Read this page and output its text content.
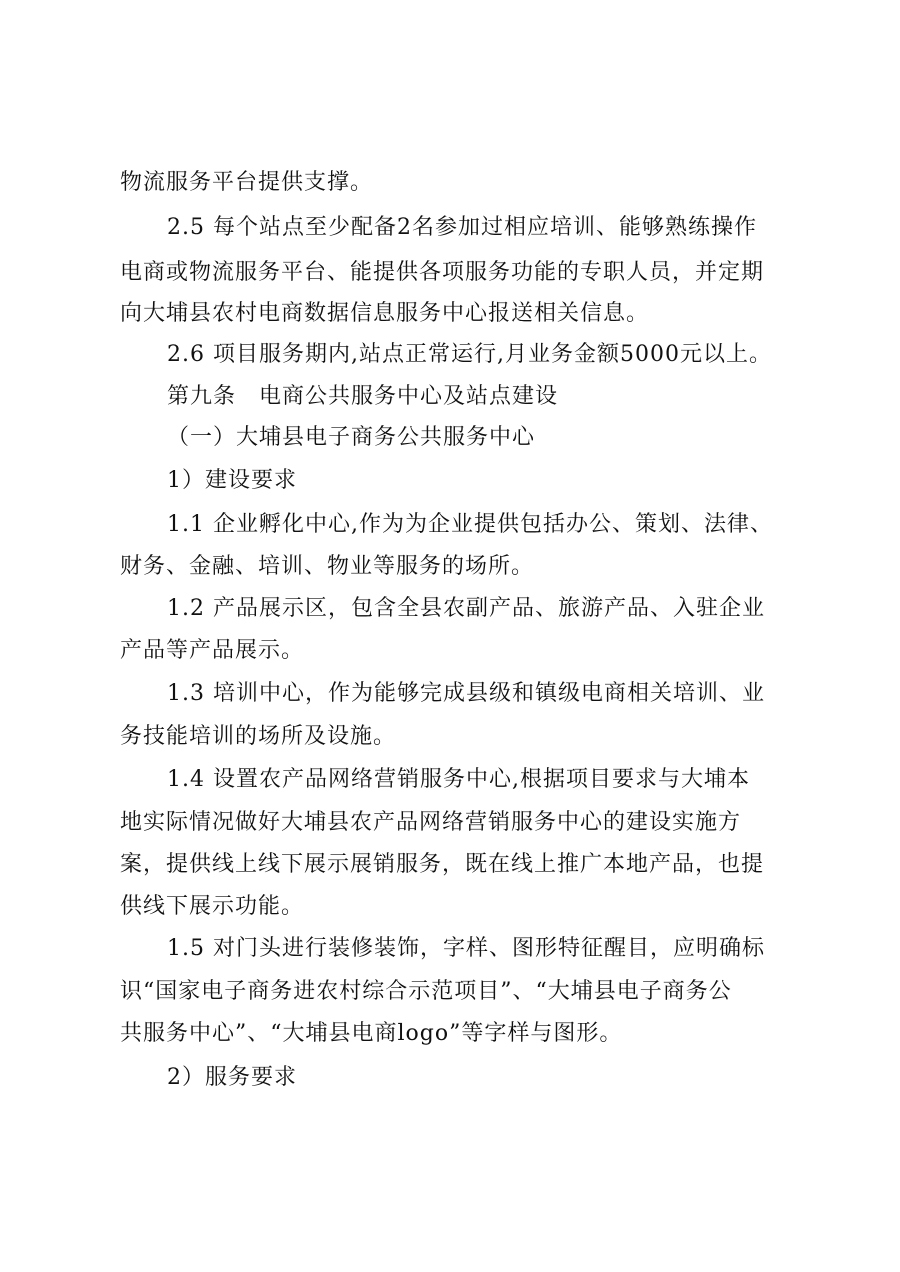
物流服务平台提供支撑。
2.5 每个站点至少配备2名参加过相应培训、能够熟练操作
电商或物流服务平台、能提供各项服务功能的专职人员，并定期
向大埔县农村电商数据信息服务中心报送相关信息。
2.6 项目服务期内,站点正常运行,月业务金额5000元以上。
第九条　电商公共服务中心及站点建设
（一）大埔县电子商务公共服务中心
1）建设要求
1.1 企业孵化中心,作为为企业提供包括办公、策划、法律、
财务、金融、培训、物业等服务的场所。
1.2 产品展示区，包含全县农副产品、旅游产品、入驻企业
产品等产品展示。
1.3 培训中心，作为能够完成县级和镇级电商相关培训、业
务技能培训的场所及设施。
1.4 设置农产品网络营销服务中心,根据项目要求与大埔本
地实际情况做好大埔县农产品网络营销服务中心的建设实施方
案，提供线上线下展示展销服务，既在线上推广本地产品，也提
供线下展示功能。
1.5 对门头进行装修装饰，字样、图形特征醒目，应明确标
识“国家电子商务进农村综合示范项目”、“大埔县电子商务公
共服务中心”、“大埔县电商logo”等字样与图形。
2）服务要求
